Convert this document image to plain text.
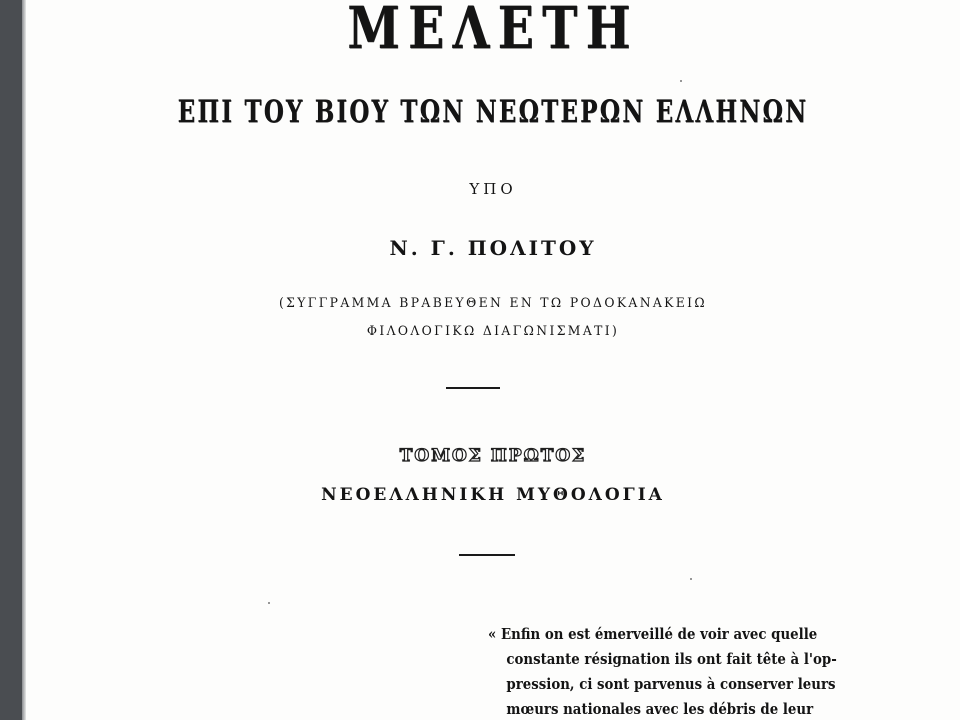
ΜΕΛΕΤΗ
ΕΠΙ ΤΟΥ ΒΙΟΥ ΤΩΝ ΝΕΩΤΕΡΩΝ ΕΛΛΗΝΩΝ
ΥΠΟ
Ν. Γ. ΠΟΛΙΤΟΥ
(ΣΥΓΓΡΑΜΜΑ ΒΡΑΒΕΥΘΕΝ ΕΝ ΤΩ ΡΟΔΟΚΑΝΑΚΕΙΩ
ΦΙΛΟΛΟΓΙΚΩ ΔΙΑΓΩΝΙΣΜΑΤΙ)
ΤΟΜΟΣ ΠΡΩΤΟΣ
ΝΕΟΕΛΛΗΝΙΚΗ ΜΥΘΟΛΟΓΙΑ
« Enfin on est émerveillé de voir avec quelle
constante résignation ils ont fait tête à l'op-
pression, ci sont parvenus à conserver leurs
mœurs nationales avec les débris de leur
